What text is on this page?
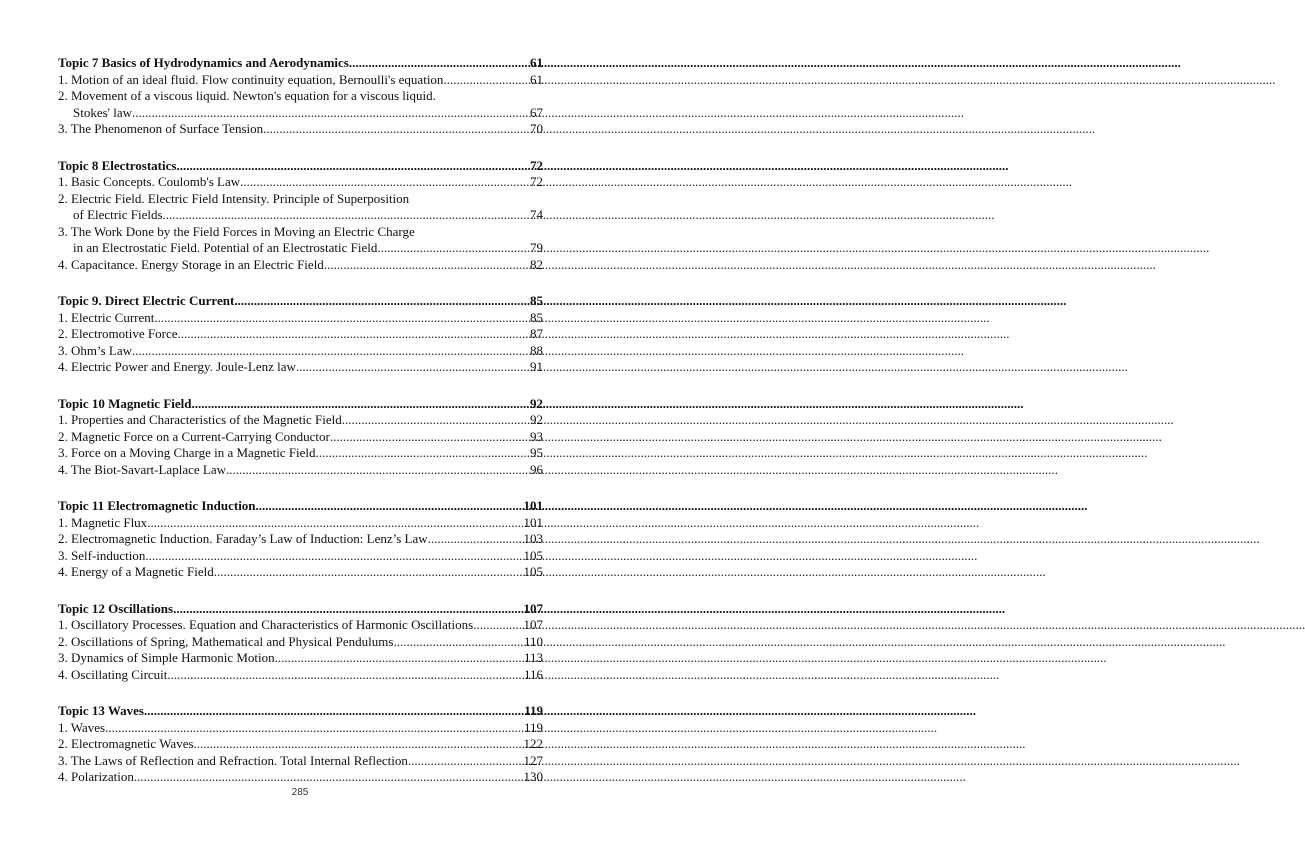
Topic 7 Basics of Hydrodynamics and Aerodynamics .....	61
1. Motion of an ideal fluid. Flow continuity equation, Bernoulli's equation .....	61
2. Movement of a viscous liquid. Newton's equation for a viscous liquid.
Stokes' law .....	67
3. The Phenomenon of Surface Tension .....	70
Topic 8 Electrostatics .....	72
1. Basic Concepts. Coulomb's Law .....	72
2. Electric Field. Electric Field Intensity. Principle of Superposition
of Electric Fields .....	74
3. The Work Done by the Field Forces in Moving an Electric Charge
in an Electrostatic Field. Potential of an Electrostatic Field .....	79
4. Capacitance. Energy Storage in an Electric Field .....	82
Topic 9. Direct Electric Current .....	85
1. Electric Current. .....	85
2. Electromotive Force .....	87
3. Ohm’s Law .....	88
4. Electric Power and Energy. Joule-Lenz law .....	91
Topic 10 Magnetic Field .....	92
1. Properties and Characteristics of the Magnetic Field .....	92
2. Magnetic Force on a Current-Carrying Conductor .....	93
3. Force on a Moving Charge in a Magnetic Field .....	95
4. The Biot-Savart-Laplace Law .....	96
Topic 11 Electromagnetic Induction .....	101
1. Magnetic Flux .....	101
2. Electromagnetic Induction. Faraday’s Law of Induction: Lenz’s Law .....	103
3. Self-induction .....	105
4. Energy of a Magnetic Field .....	105
Topic 12 Oscillations .....	107
1. Oscillatory Processes. Equation and Characteristics of Harmonic Oscillations .....	107
2. Oscillations of Spring, Mathematical and Physical Pendulums .....	110
3. Dynamics of Simple Harmonic Motion .....	113
4. Oscillating Circuit .....	116
Topic 13 Waves .....	119
1. Waves .....	119
2. Electromagnetic Waves .....	122
3. The Laws of Reflection and Refraction. Total Internal Reflection .....	127
4. Polarization .....	130
285
